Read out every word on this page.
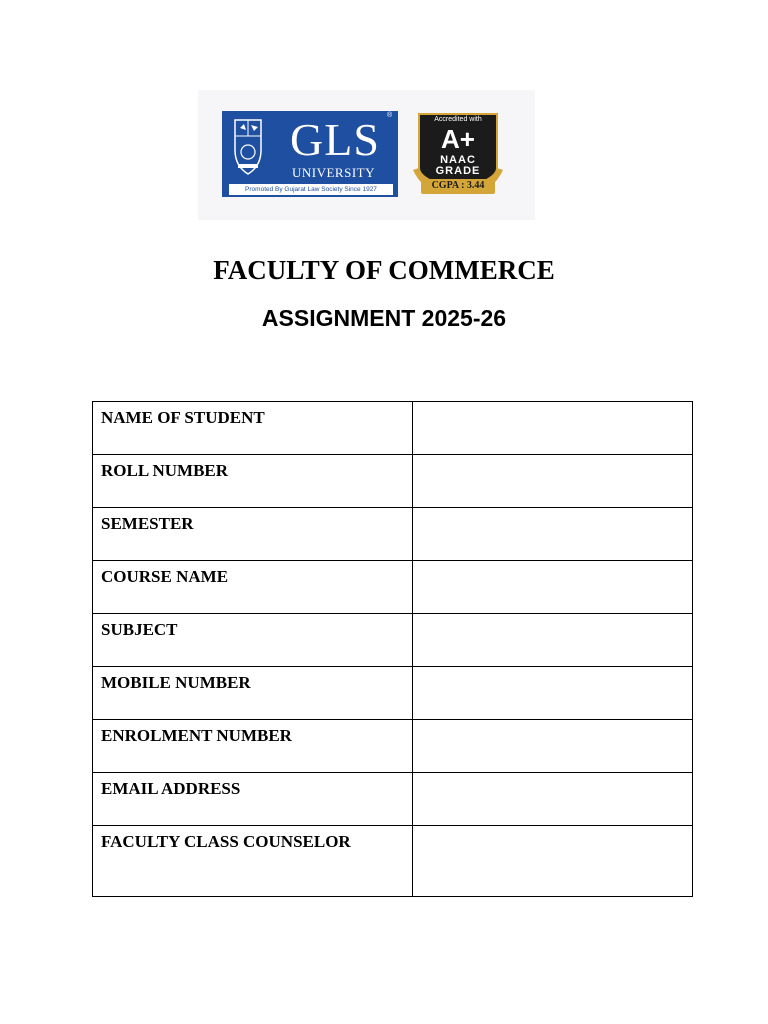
GLS ®
UNIVERSITY
Promoted By Gujarat Law Society Since 1927
Accredited with
A+
NAAC
GRADE
CGPA : 3.44
FACULTY OF COMMERCE
ASSIGNMENT 2025-26
NAME OF STUDENT	
ROLL NUMBER	
SEMESTER	
COURSE NAME	
SUBJECT	
MOBILE NUMBER	
ENROLMENT NUMBER	
EMAIL ADDRESS	
FACULTY CLASS COUNSELOR	
